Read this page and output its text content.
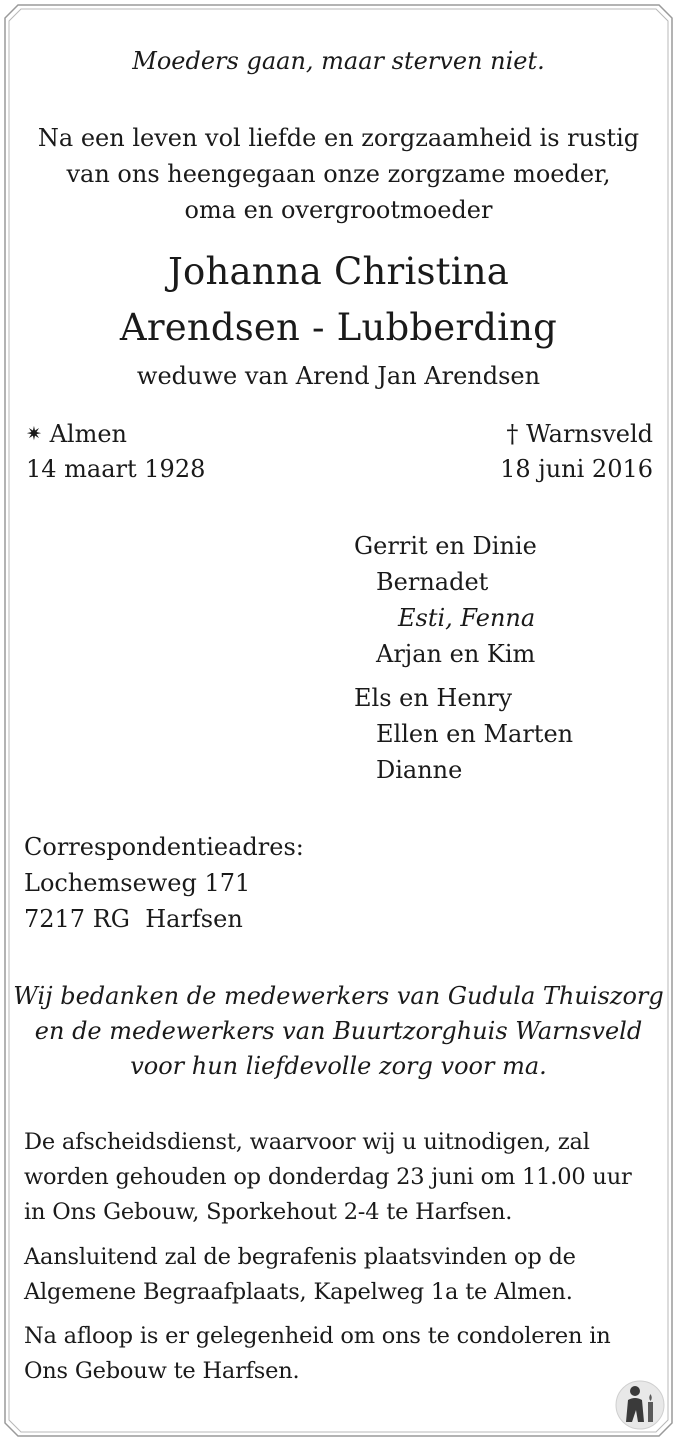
Moeders gaan, maar sterven niet.
Na een leven vol liefde en zorgzaamheid is rustig
van ons heengegaan onze zorgzame moeder,
oma en overgrootmoeder
Johanna Christina
Arendsen - Lubberding
weduwe van Arend Jan Arendsen
✷ Almen
14 maart 1928
† Warnsveld
18 juni 2016
Gerrit en Dinie
Bernadet
Esti, Fenna
Arjan en Kim
Els en Henry
Ellen en Marten
Dianne
Correspondentieadres:
Lochemseweg 171
7217 RG  Harfsen
Wij bedanken de medewerkers van Gudula Thuiszorg
en de medewerkers van Buurtzorghuis Warnsveld
voor hun liefdevolle zorg voor ma.
De afscheidsdienst, waarvoor wij u uitnodigen, zal
worden gehouden op donderdag 23 juni om 11.00 uur
in Ons Gebouw, Sporkehout 2-4 te Harfsen.
Aansluitend zal de begrafenis plaatsvinden op de
Algemene Begraafplaats, Kapelweg 1a te Almen.
Na afloop is er gelegenheid om ons te condoleren in
Ons Gebouw te Harfsen.
